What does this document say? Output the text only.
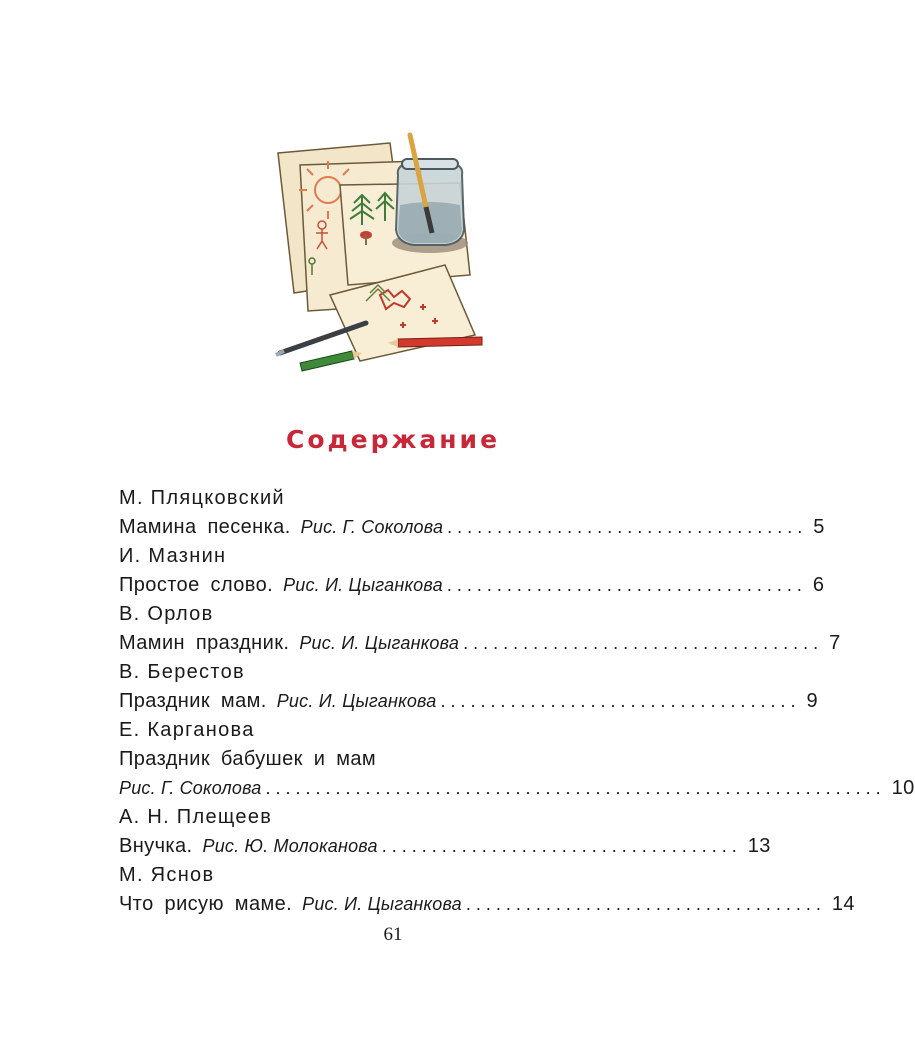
Содержание
М. Пляцковский
Мамина песенка. Рис. Г. Соколова .................................... 5
И. Мазнин
Простое слово. Рис. И. Цыганкова .................................... 6
В. Орлов
Мамин праздник. Рис. И. Цыганкова .................................... 7
В. Берестов
Праздник мам. Рис. И. Цыганкова .................................... 9
Е. Карганова
Праздник бабушек и мам
Рис. Г. Соколова .............................................................. 10
А. Н. Плещеев
Внучка. Рис. Ю. Молоканова .................................... 13
М. Яснов
Что рисую маме. Рис. И. Цыганкова .................................... 14
61
